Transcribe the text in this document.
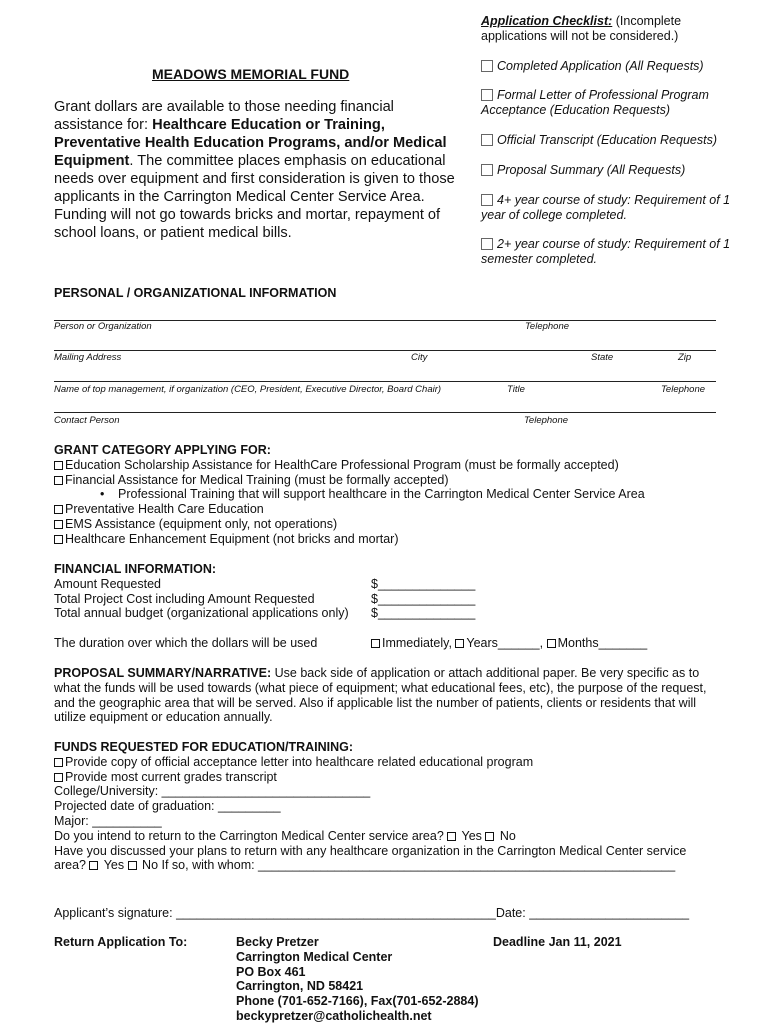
Application Checklist: (Incomplete
applications will not be considered.)
Completed Application (All Requests)
Formal Letter of Professional Program
Acceptance (Education Requests)
Official Transcript (Education Requests)
Proposal Summary (All Requests)
4+ year course of study: Requirement of 1
year of college completed.
2+ year course of study: Requirement of 1
semester completed.
MEADOWS MEMORIAL FUND
Grant dollars are available to those needing financial assistance for: Healthcare Education or Training, Preventative Health Education Programs, and/or Medical Equipment. The committee places emphasis on educational needs over equipment and first consideration is given to those applicants in the Carrington Medical Center Service Area. Funding will not go towards bricks and mortar, repayment of school loans, or patient medical bills.
PERSONAL / ORGANIZATIONAL INFORMATION
Person or Organization	Telephone
Mailing Address	City	State	Zip
Name of top management, if organization (CEO, President, Executive Director, Board Chair)	Title	Telephone
Contact Person	Telephone
GRANT CATEGORY APPLYING FOR:
Education Scholarship Assistance for HealthCare Professional Program (must be formally accepted)
Financial Assistance for Medical Training (must be formally accepted)
• Professional Training that will support healthcare in the Carrington Medical Center Service Area
Preventative Health Care Education
EMS Assistance (equipment only, not operations)
Healthcare Enhancement Equipment (not bricks and mortar)
FINANCIAL INFORMATION:
Amount Requested	$______________
Total Project Cost including Amount Requested	$______________
Total annual budget (organizational applications only) $______________
The duration over which the dollars will be used	Immediately, Years______, Months_______
PROPOSAL SUMMARY/NARRATIVE: Use back side of application or attach additional paper. Be very specific as to what the funds will be used towards (what piece of equipment; what educational fees, etc), the purpose of the request, and the geographic area that will be served. Also if applicable list the number of patients, clients or residents that will utilize equipment or education annually.
FUNDS REQUESTED FOR EDUCATION/TRAINING:
Provide copy of official acceptance letter into healthcare related educational program
Provide most current grades transcript
College/University: ______________________________
Projected date of graduation: _________
Major: __________
Do you intend to return to the Carrington Medical Center service area?  Yes  No
Have you discussed your plans to return with any healthcare organization in the Carrington Medical Center service
area?  Yes  No If so, with whom: ____________________________________________________________
Applicant’s signature: ______________________________________________Date: _______________________
Return Application To:	Becky Pretzer
Carrington Medical Center
PO Box 461
Carrington, ND 58421
Phone (701-652-7166), Fax(701-652-2884)
beckypretzer@catholichealth.net
Deadline Jan 11, 2021
